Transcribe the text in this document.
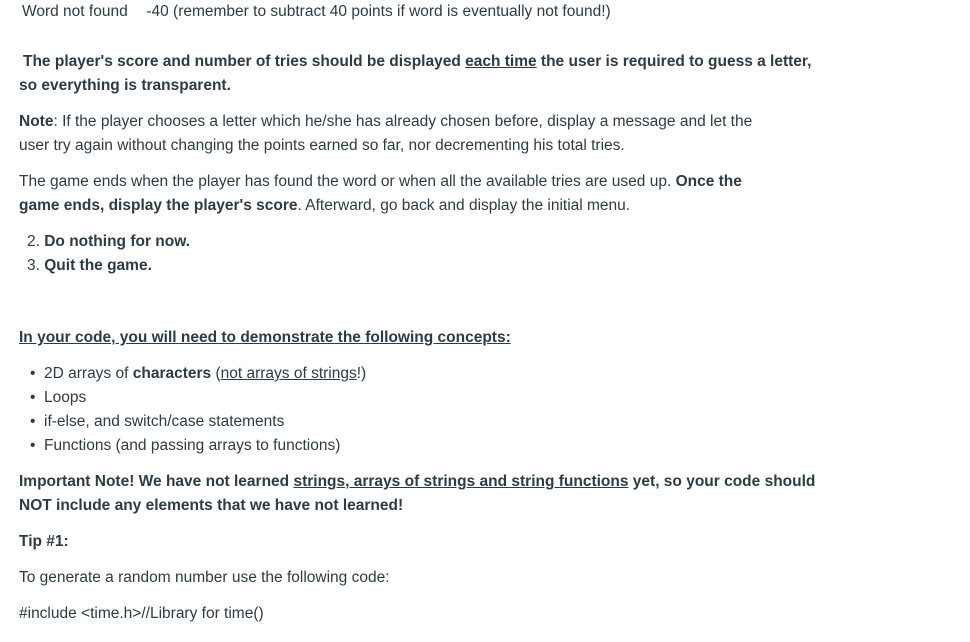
Word not found -40 (remember to subtract 40 points if word is eventually not found!)
The player's score and number of tries should be displayed each time the user is required to guess a letter,
so everything is transparent.
Note: If the player chooses a letter which he/she has already chosen before, display a message and let the
user try again without changing the points earned so far, nor decrementing his total tries.
The game ends when the player has found the word or when all the available tries are used up. Once the
game ends, display the player's score. Afterward, go back and display the initial menu.
2. Do nothing for now.
3. Quit the game.
In your code, you will need to demonstrate the following concepts:
• 2D arrays of characters (not arrays of strings!)
• Loops
• if-else, and switch/case statements
• Functions (and passing arrays to functions)
Important Note! We have not learned strings, arrays of strings and string functions yet, so your code should
NOT include any elements that we have not learned!
Tip #1:
To generate a random number use the following code:
#include <time.h>//Library for time()
